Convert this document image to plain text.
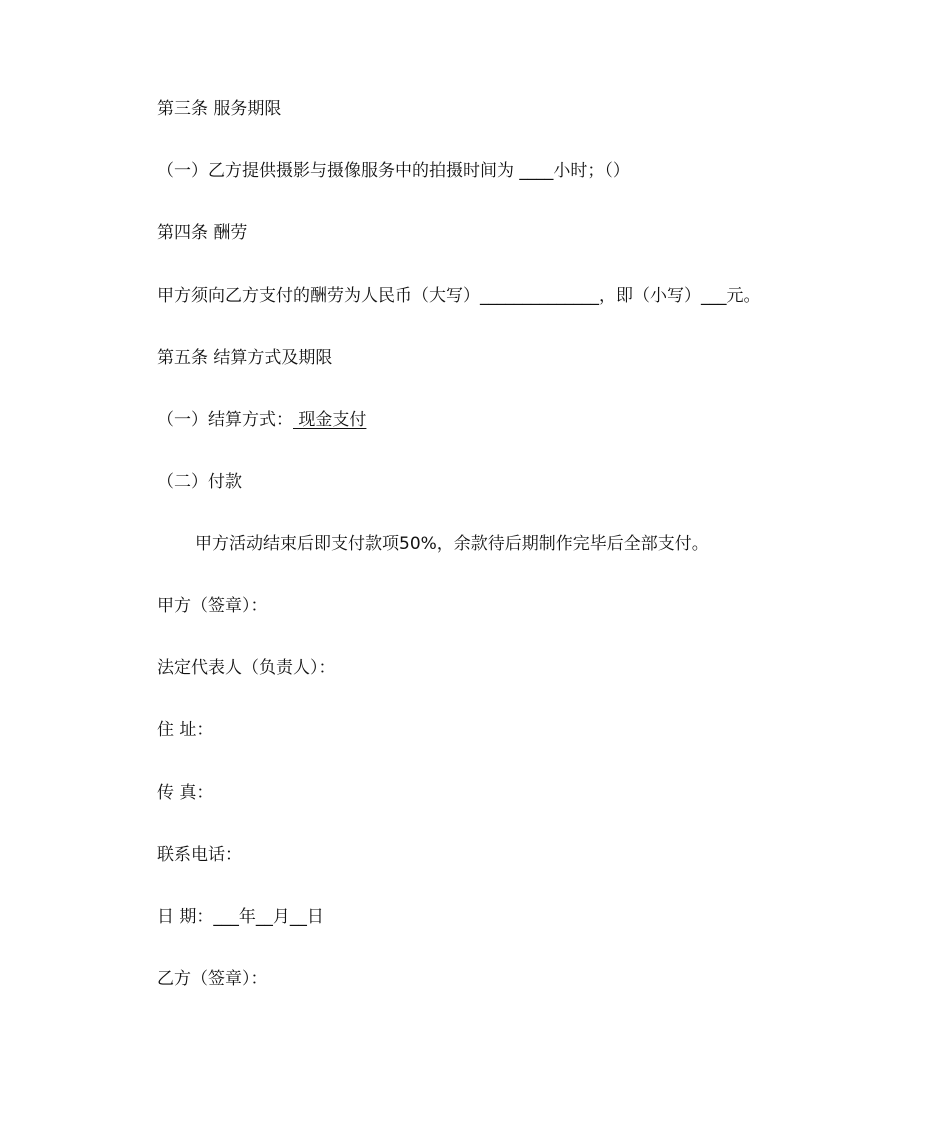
第三条 服务期限
（一）乙方提供摄影与摄像服务中的拍摄时间为 ____小时；（）
第四条 酬劳
甲方须向乙方支付的酬劳为人民币（大写）______________，即（小写）___元。
第五条 结算方式及期限
（一）结算方式： 现金支付
（二）付款
甲方活动结束后即支付款项50%，余款待后期制作完毕后全部支付。
甲方（签章）：
法定代表人（负责人）：
住 址：
传 真：
联系电话：
日 期：___年__月__日
乙方（签章）：
